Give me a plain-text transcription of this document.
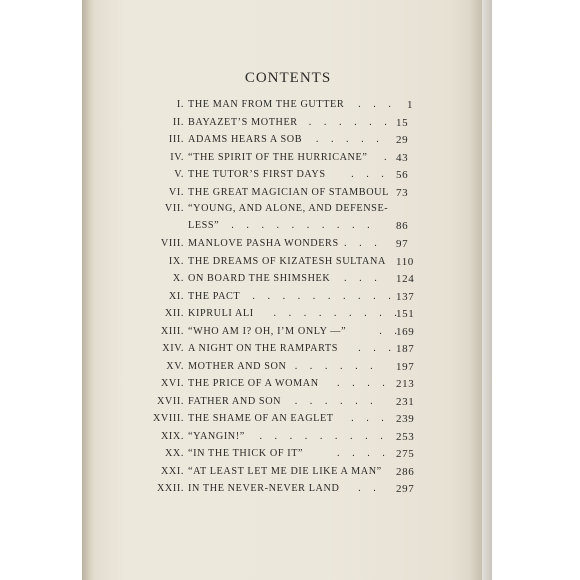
CONTENTS
I. THE MAN FROM THE GUTTER . . . 1
II. BAYAZET’S MOTHER . . . . . . 15
III. ADAMS HEARS A SOB . . . . . 29
IV. “THE SPIRIT OF THE HURRICANE” . 43
V. THE TUTOR’S FIRST DAYS . . . 56
VI. THE GREAT MAGICIAN OF STAMBOUL 73
VII. “YOUNG, AND ALONE, AND DEFENSE-
LESS” . . . . . . . . . . 86
VIII. MANLOVE PASHA WONDERS . . . 97
IX. THE DREAMS OF KIZATESH SULTANA 110
X. ON BOARD THE SHIMSHEK . . . 124
XI. THE PACT . . . . . . . . . . 137
XII. KIPRULI ALI . . . . . . . . .
151
XIII. “WHO AM I? OH, I’M ONLY —”	. .
169
XIV. A NIGHT ON THE RAMPARTS . . . 187
XV. MOTHER AND SON . . . . . . 197
XVI. THE PRICE OF A WOMAN . . . . 213
XVII. FATHER AND SON . . . . . . 231
XVIII. THE SHAME OF AN EAGLET . . . 239
XIX. “YANGIN!” . . . . . . . . . 253
XX. “IN THE THICK OF IT”	. . . . 275
XXI. “AT LEAST LET ME DIE LIKE A MAN” 286
XXII. IN THE NEVER-NEVER LAND . . 297
